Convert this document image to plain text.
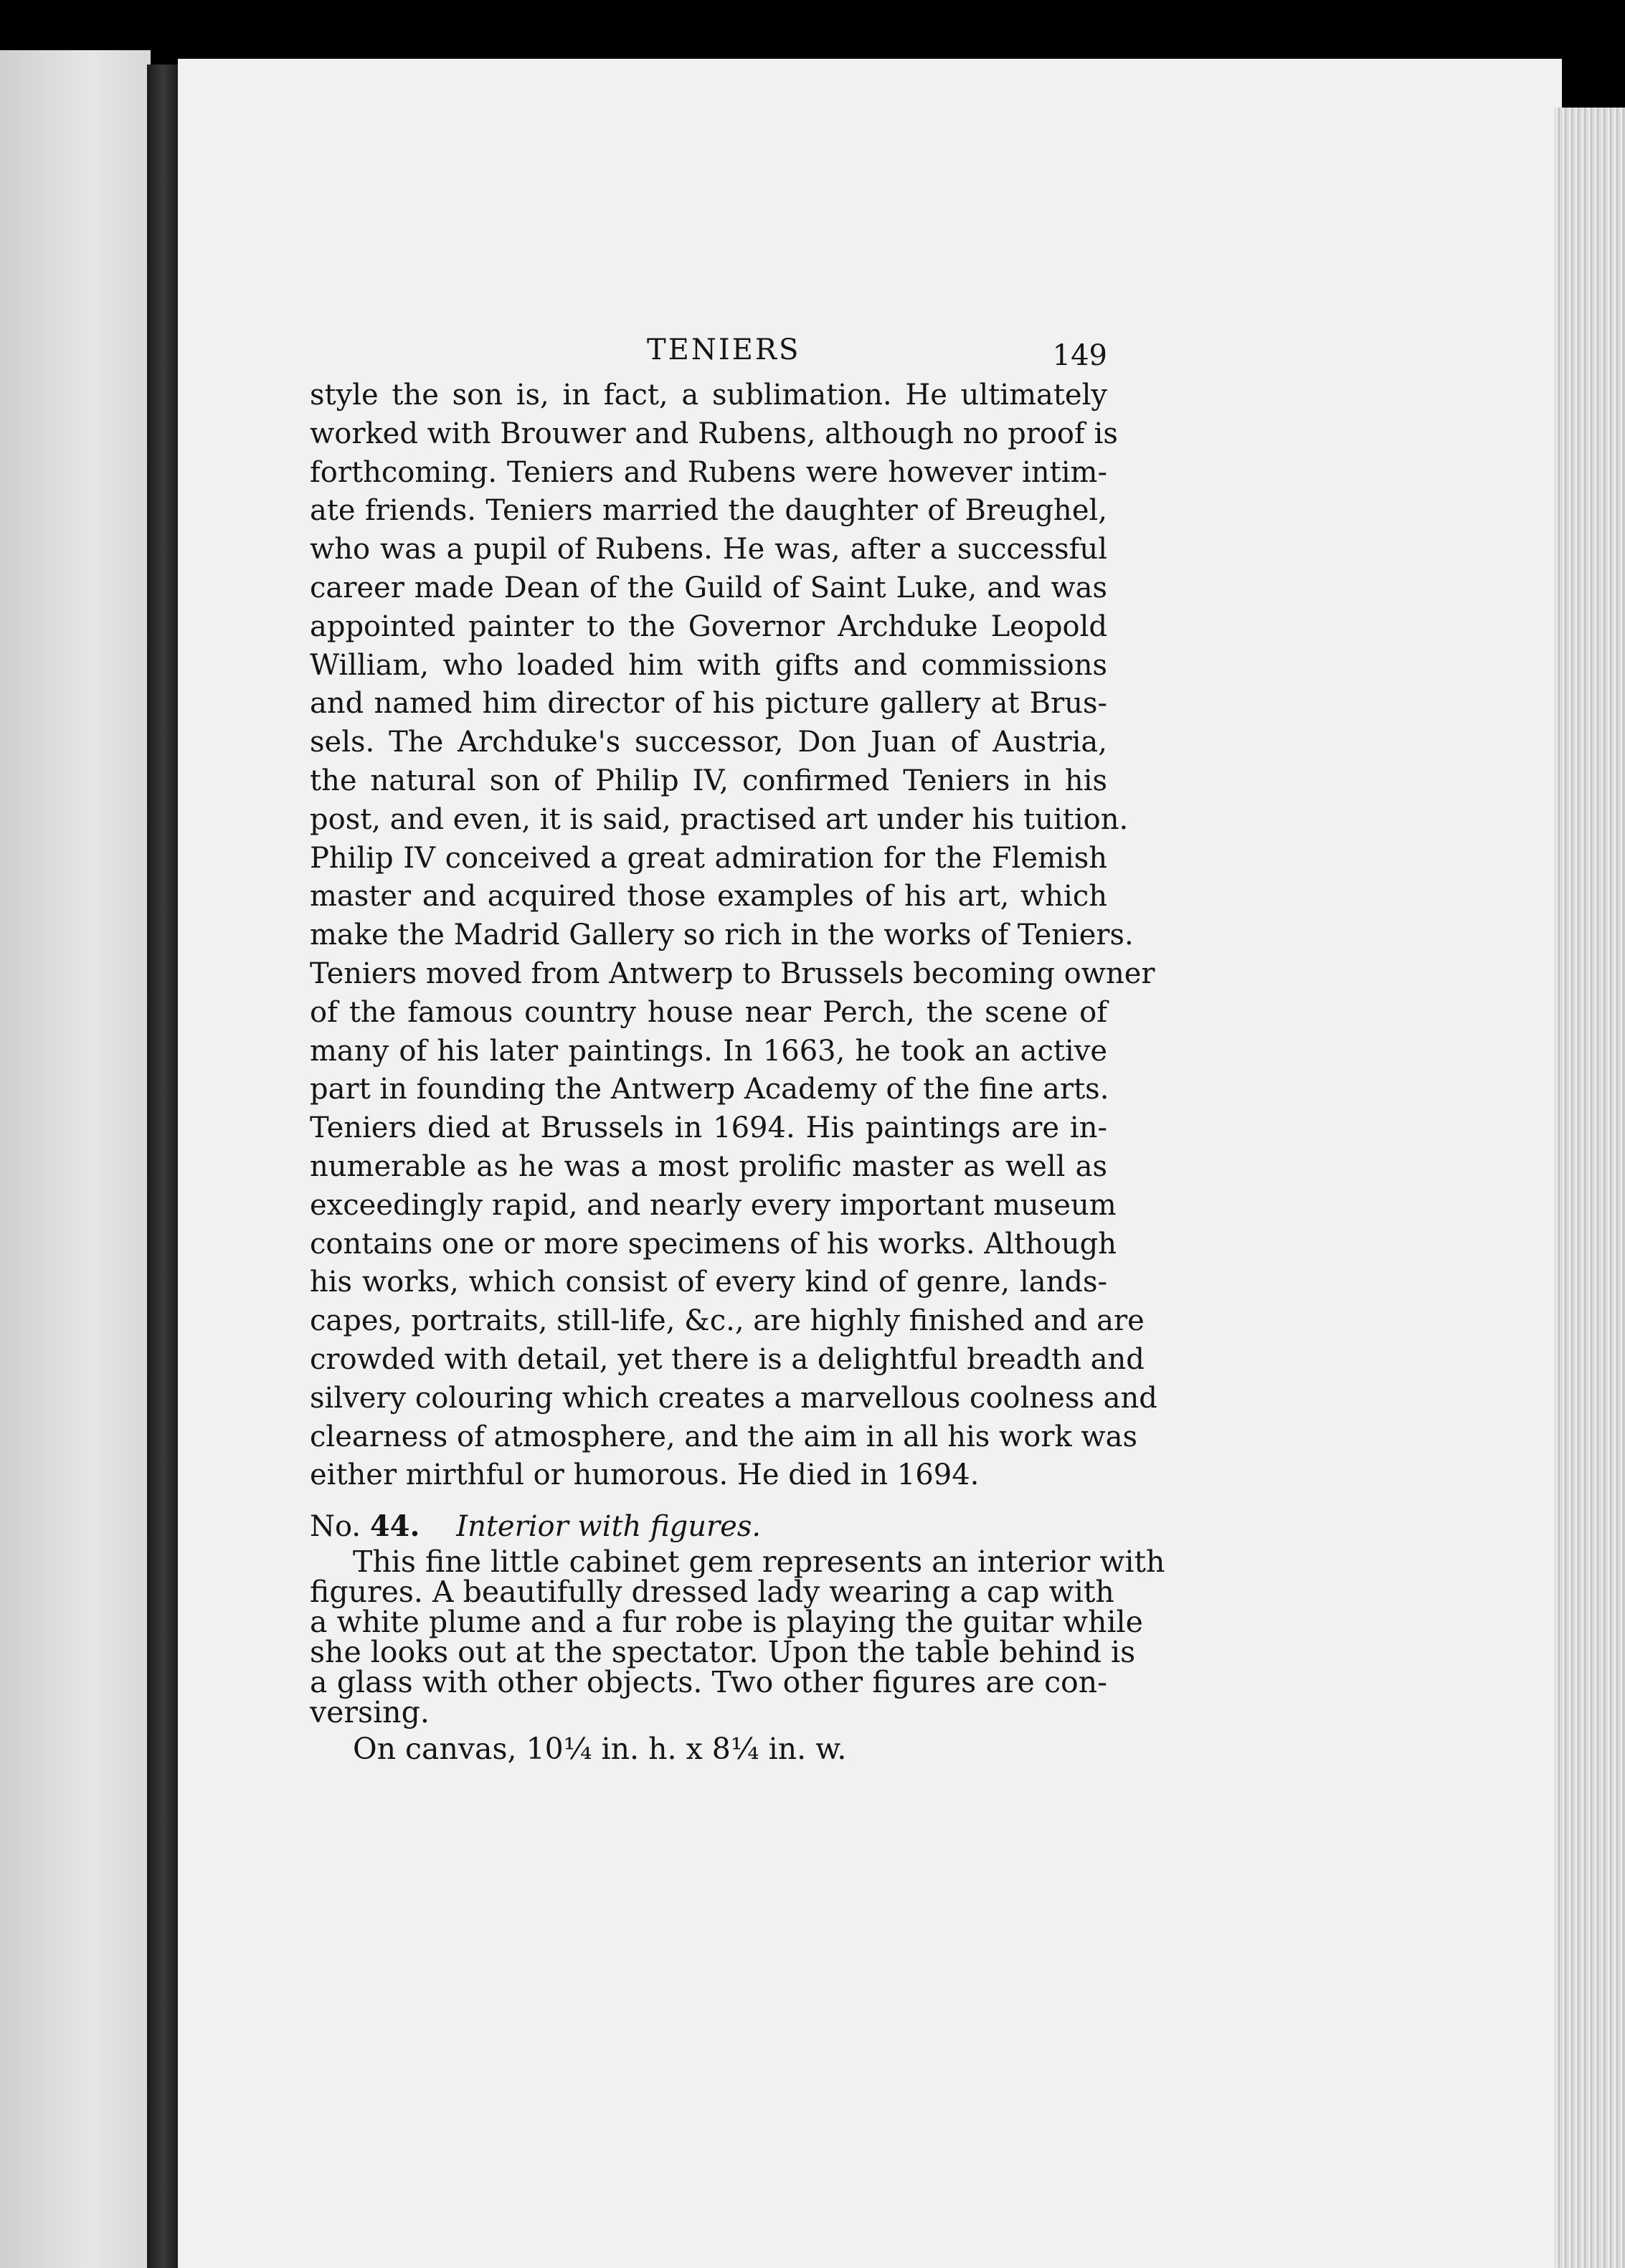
TENIERS	149
style the son is, in fact, a sublimation. He ultimately
worked with Brouwer and Rubens, although no proof is
forthcoming. Teniers and Rubens were however intim-
ate friends. Teniers married the daughter of Breughel,
who was a pupil of Rubens. He was, after a successful
career made Dean of the Guild of Saint Luke, and was
appointed painter to the Governor Archduke Leopold
William, who loaded him with gifts and commissions
and named him director of his picture gallery at Brus-
sels. The Archduke's successor, Don Juan of Austria,
the natural son of Philip IV, confirmed Teniers in his
post, and even, it is said, practised art under his tuition.
Philip IV conceived a great admiration for the Flemish
master and acquired those examples of his art, which
make the Madrid Gallery so rich in the works of Teniers.
Teniers moved from Antwerp to Brussels becoming owner
of the famous country house near Perch, the scene of
many of his later paintings. In 1663, he took an active
part in founding the Antwerp Academy of the fine arts.
Teniers died at Brussels in 1694. His paintings are in-
numerable as he was a most prolific master as well as
exceedingly rapid, and nearly every important museum
contains one or more specimens of his works. Although
his works, which consist of every kind of genre, lands-
capes, portraits, still-life, &c., are highly finished and are
crowded with detail, yet there is a delightful breadth and
silvery colouring which creates a marvellous coolness and
clearness of atmosphere, and the aim in all his work was
either mirthful or humorous. He died in 1694.
No. 44. Interior with figures.
This fine little cabinet gem represents an interior with
figures. A beautifully dressed lady wearing a cap with
a white plume and a fur robe is playing the guitar while
she looks out at the spectator. Upon the table behind is
a glass with other objects. Two other figures are con-
versing.
On canvas, 10¼ in. h. x 8¼ in. w.
